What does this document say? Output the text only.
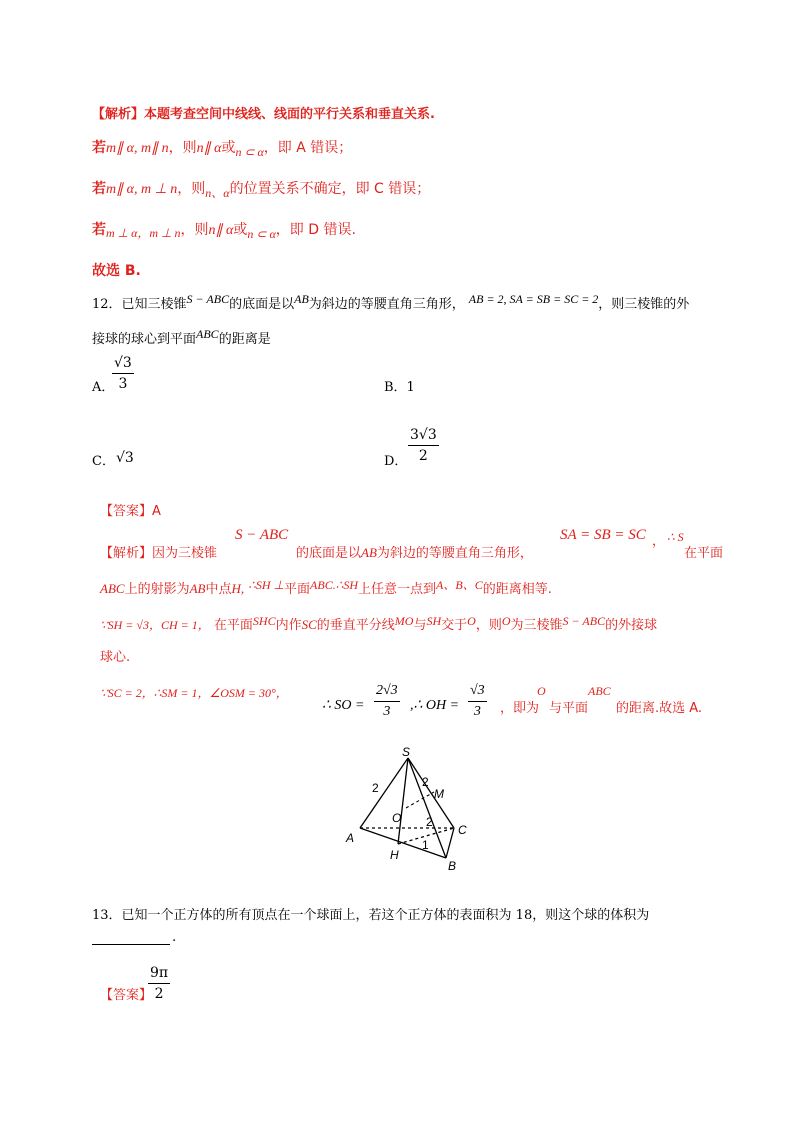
【解析】本题考查空间中线线、线面的平行关系和垂直关系.
若m∥ α, m∥ n，则n∥ α或n ⊂ α，即 A 错误；
若m∥ α, m ⊥ n，则n、α的位置关系不确定，即 C 错误；
若m ⊥ α，m ⊥ n，则n∥ α或n ⊂ α，即 D 错误.
故选 B.
12．已知三棱锥S − ABC的底面是以AB为斜边的等腰直角三角形， AB = 2, SA = SB = SC = 2，则三棱锥的外
接球的球心到平面ABC的距离是
A．
√3
3	B．1
C． √3	D．
3√3
2
【答案】A
【解析】因为三棱锥
S − ABC
的底面是以AB为斜边的等腰直角三角形，
SA = SB = SC ， ∴ S
在平面
ABC上的射影为AB中点H, ∴SH ⊥平面ABC.∴SH上任意一点到A、B、C的距离相等.
∵SH = √3，CH = 1， 在平面SHC内作SC的垂直平分线MO与SH交于O，则O为三棱锥S − ABC的外接球
球心.
∵SC = 2，∴SM = 1，∠OSM = 30°，
∴ SO =
2√3
3	,∴ OH =
√3
3	，即为
O
与平面
ABC
的距离.故选 A.
S
A
C
B
H
O
M
2	2
2
1
13．已知一个正方体的所有顶点在一个球面上，若这个正方体的表面积为 18，则这个球的体积为
.
【答案】
9π
2
